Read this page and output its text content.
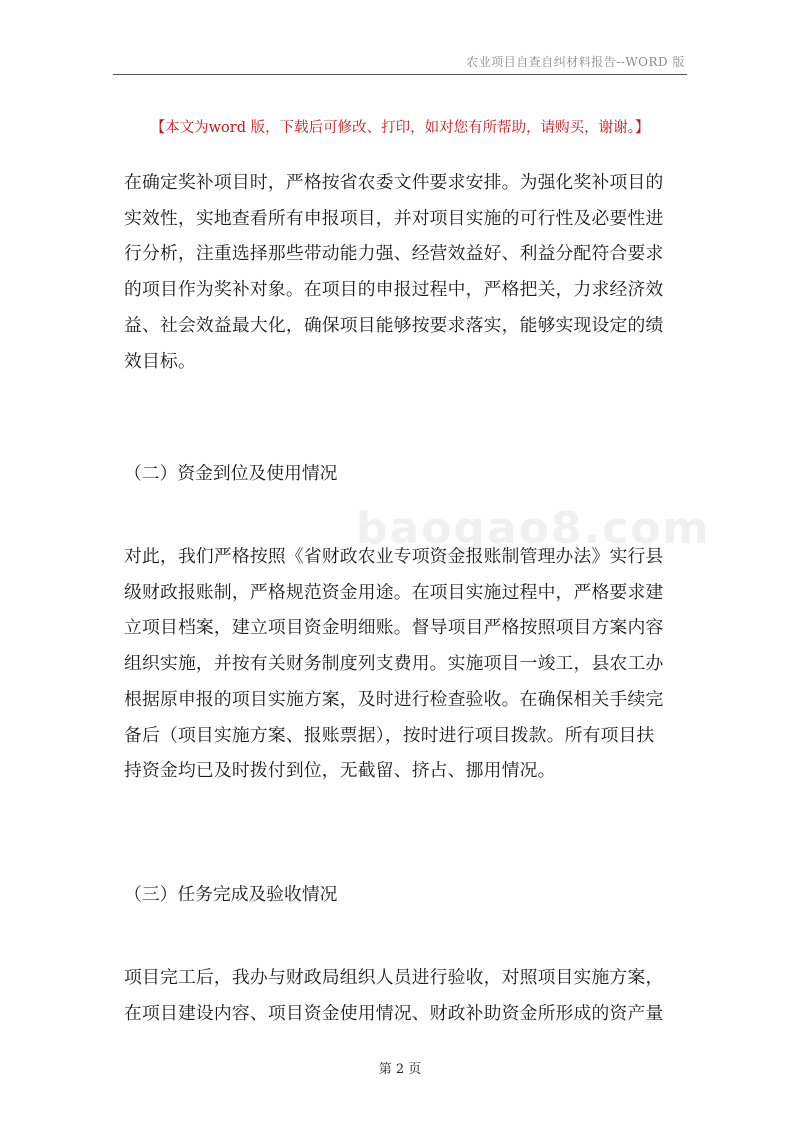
农业项目自查自纠材料报告--WORD 版
【本文为word 版，下载后可修改、打印，如对您有所帮助，请购买，谢谢。】
baogao8.com
在确定奖补项目时，严格按省农委文件要求安排。为强化奖补项目的
实效性，实地查看所有申报项目，并对项目实施的可行性及必要性进
行分析，注重选择那些带动能力强、经营效益好、利益分配符合要求
的项目作为奖补对象。在项目的申报过程中，严格把关，力求经济效
益、社会效益最大化，确保项目能够按要求落实，能够实现设定的绩
效目标。
（二）资金到位及使用情况
对此，我们严格按照《省财政农业专项资金报账制管理办法》实行县
级财政报账制，严格规范资金用途。在项目实施过程中，严格要求建
立项目档案，建立项目资金明细账。督导项目严格按照项目方案内容
组织实施，并按有关财务制度列支费用。实施项目一竣工，县农工办
根据原申报的项目实施方案，及时进行检查验收。在确保相关手续完
备后（项目实施方案、报账票据），按时进行项目拨款。所有项目扶
持资金均已及时拨付到位，无截留、挤占、挪用情况。
（三）任务完成及验收情况
项目完工后，我办与财政局组织人员进行验收，对照项目实施方案，
在项目建设内容、项目资金使用情况、财政补助资金所形成的资产量
第 2 页
